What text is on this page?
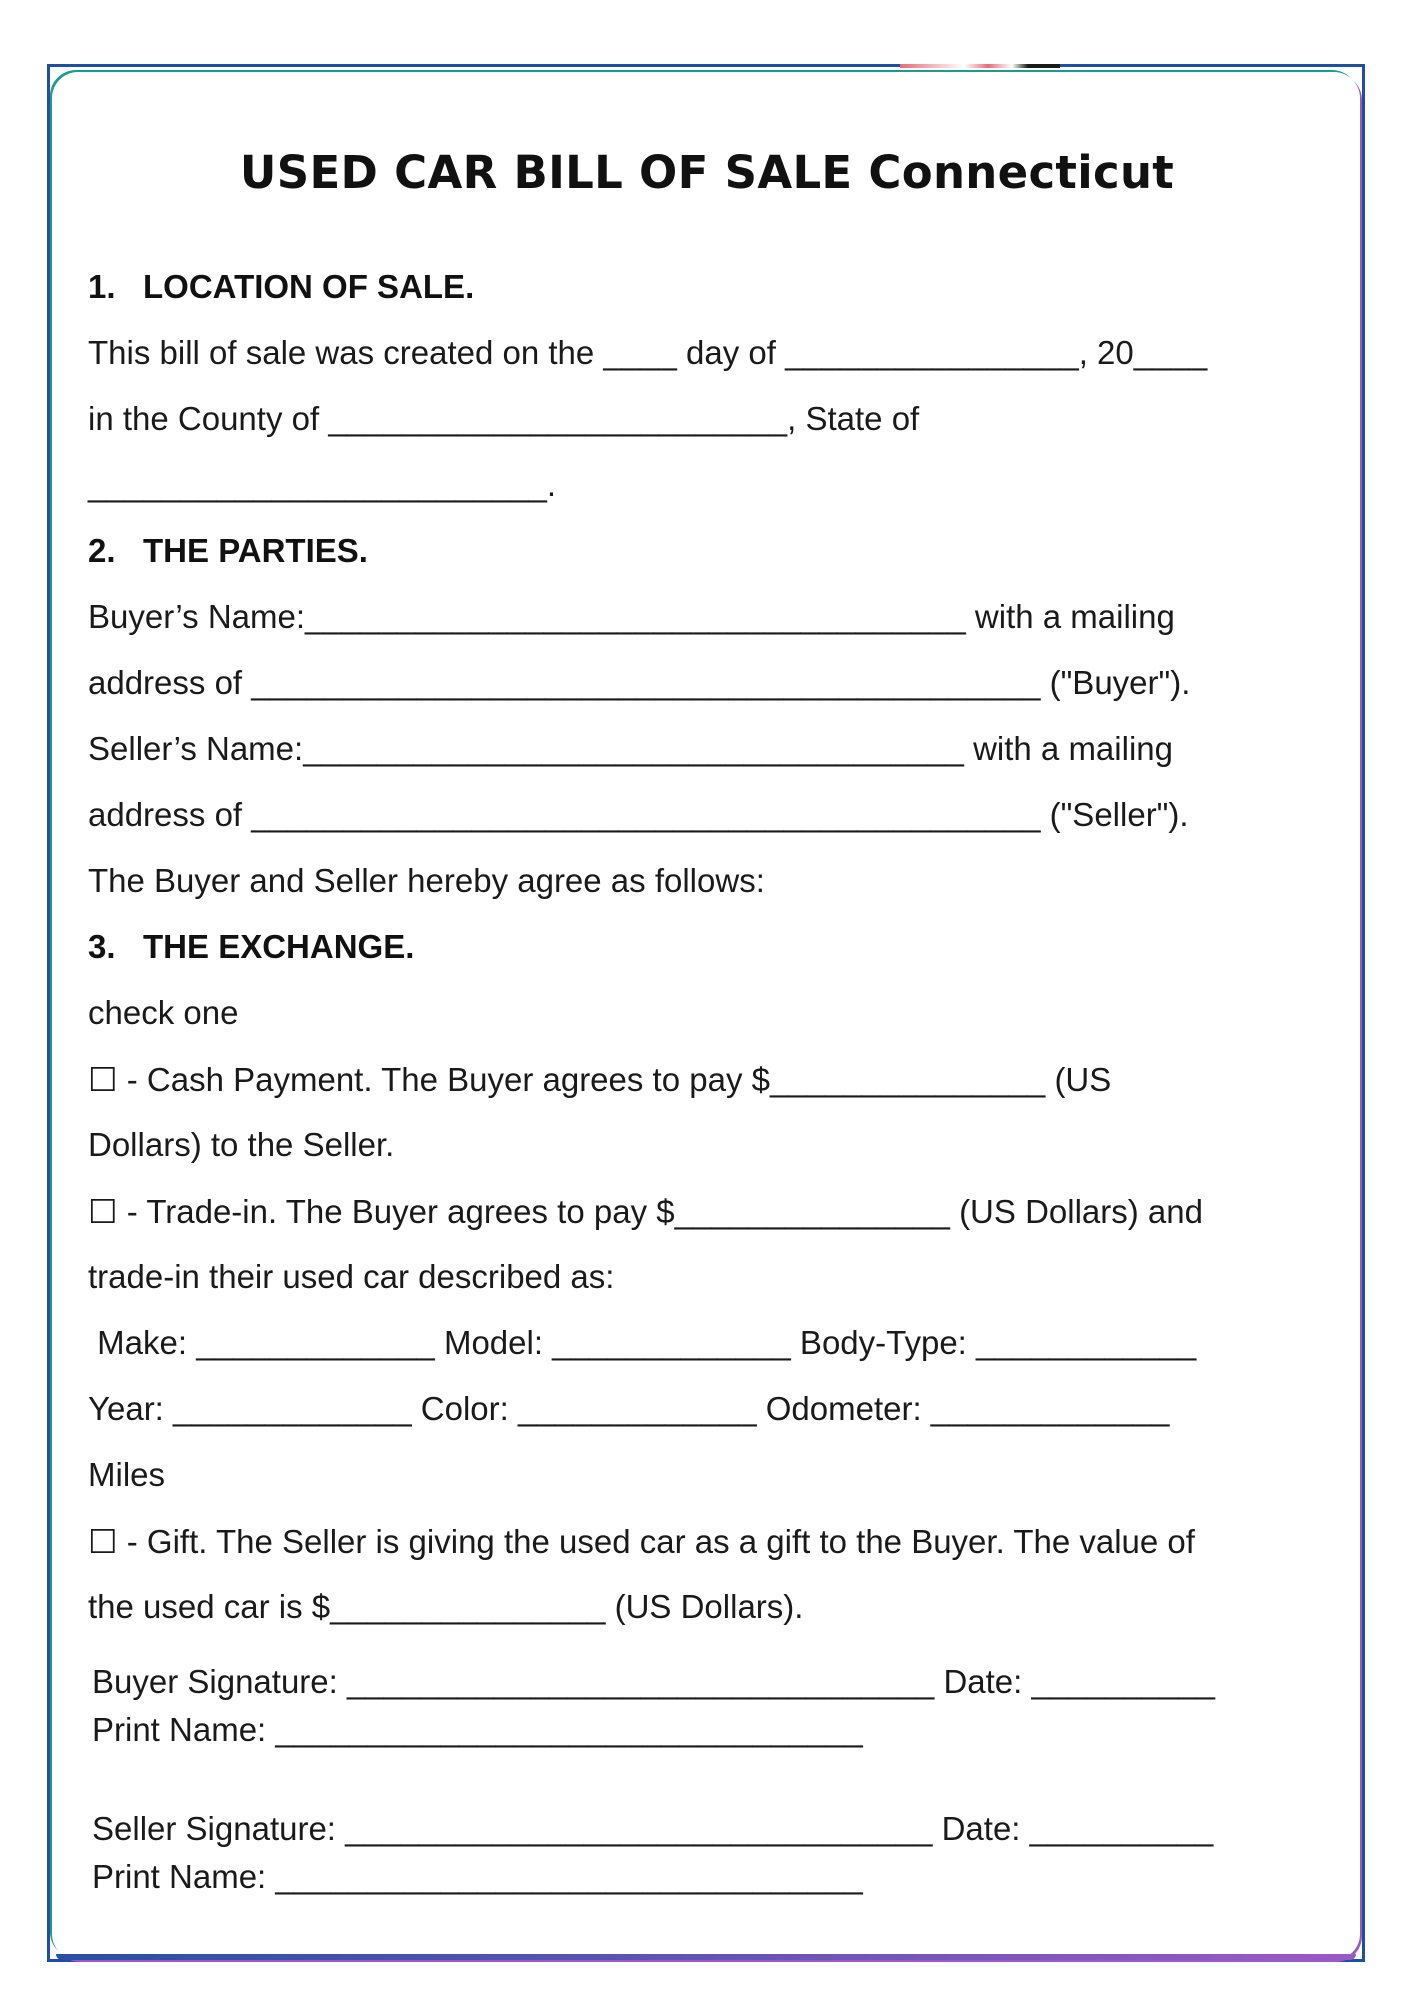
USED CAR BILL OF SALE Connecticut
1.   LOCATION OF SALE.
This bill of sale was created on the ____ day of ________________, 20____
in the County of _________________________, State of
_________________________.
2.   THE PARTIES.
Buyer’s Name:____________________________________ with a mailing
address of ___________________________________________ ("Buyer").
Seller’s Name:____________________________________ with a mailing
address of ___________________________________________ ("Seller").
The Buyer and Seller hereby agree as follows:
3.   THE EXCHANGE.
check one
☐ - Cash Payment. The Buyer agrees to pay $_______________ (US
Dollars) to the Seller.
☐ - Trade-in. The Buyer agrees to pay $_______________ (US Dollars) and
trade-in their used car described as:
Make: _____________ Model: _____________ Body-Type: ____________
Year: _____________ Color: _____________ Odometer: _____________
Miles
☐ - Gift. The Seller is giving the used car as a gift to the Buyer. The value of
the used car is $_______________ (US Dollars).
Buyer Signature: ________________________________ Date: __________
Print Name: ________________________________
Seller Signature: ________________________________ Date: __________
Print Name: ________________________________
